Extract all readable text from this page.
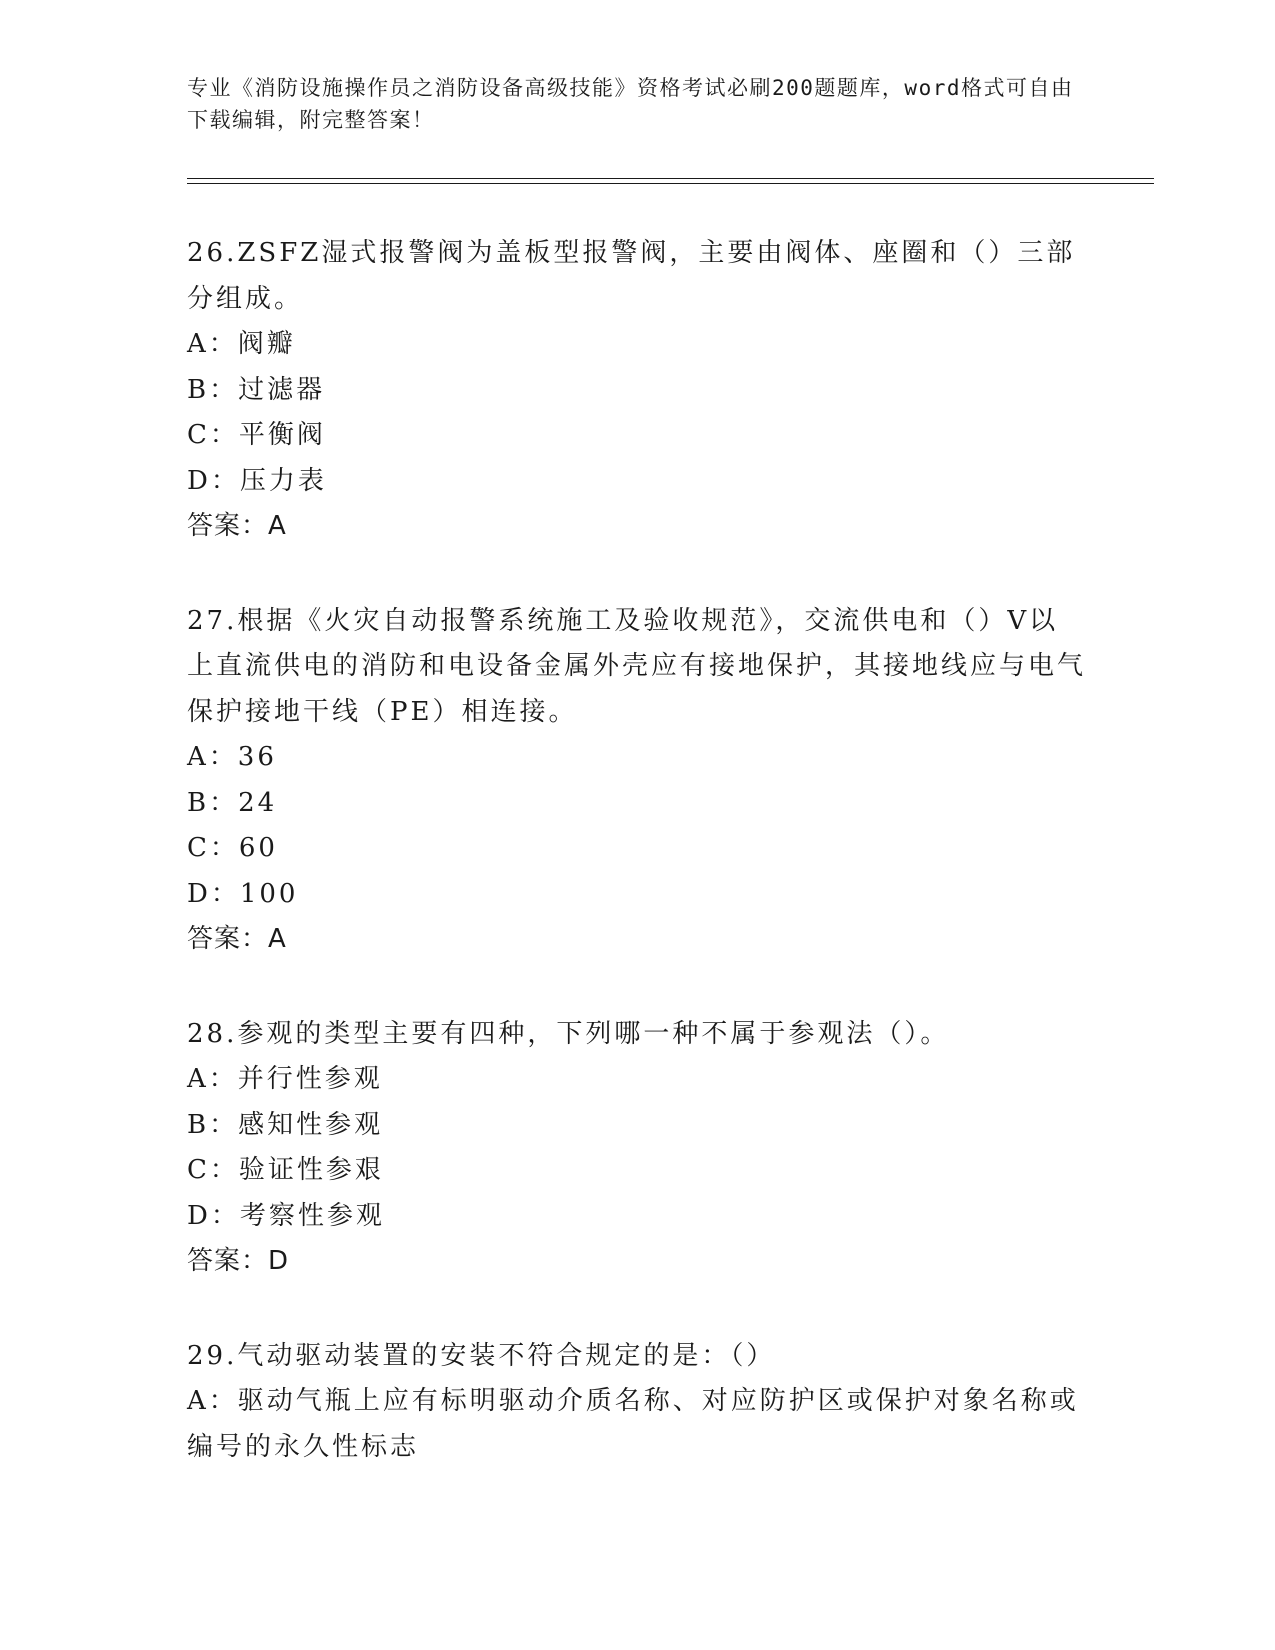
专业《消防设施操作员之消防设备高级技能》资格考试必刷200题题库，word格式可自由下载编辑，附完整答案！

26.ZSFZ湿式报警阀为盖板型报警阀，主要由阀体、座圈和（）三部分组成。

A：阀瓣

B：过滤器

C：平衡阀

D：压力表

答案：A

27.根据《火灾自动报警系统施工及验收规范》，交流供电和（）V以上直流供电的消防和电设备金属外壳应有接地保护，其接地线应与电气保护接地干线（PE）相连接。

A：36

B：24

C：60

D：100

答案：A

28.参观的类型主要有四种，下列哪一种不属于参观法（）。

A：并行性参观

B：感知性参观

C：验证性参艰

D：考察性参观

答案：D

29.气动驱动装置的安装不符合规定的是：（）

A：驱动气瓶上应有标明驱动介质名称、对应防护区或保护对象名称或编号的永久性标志
